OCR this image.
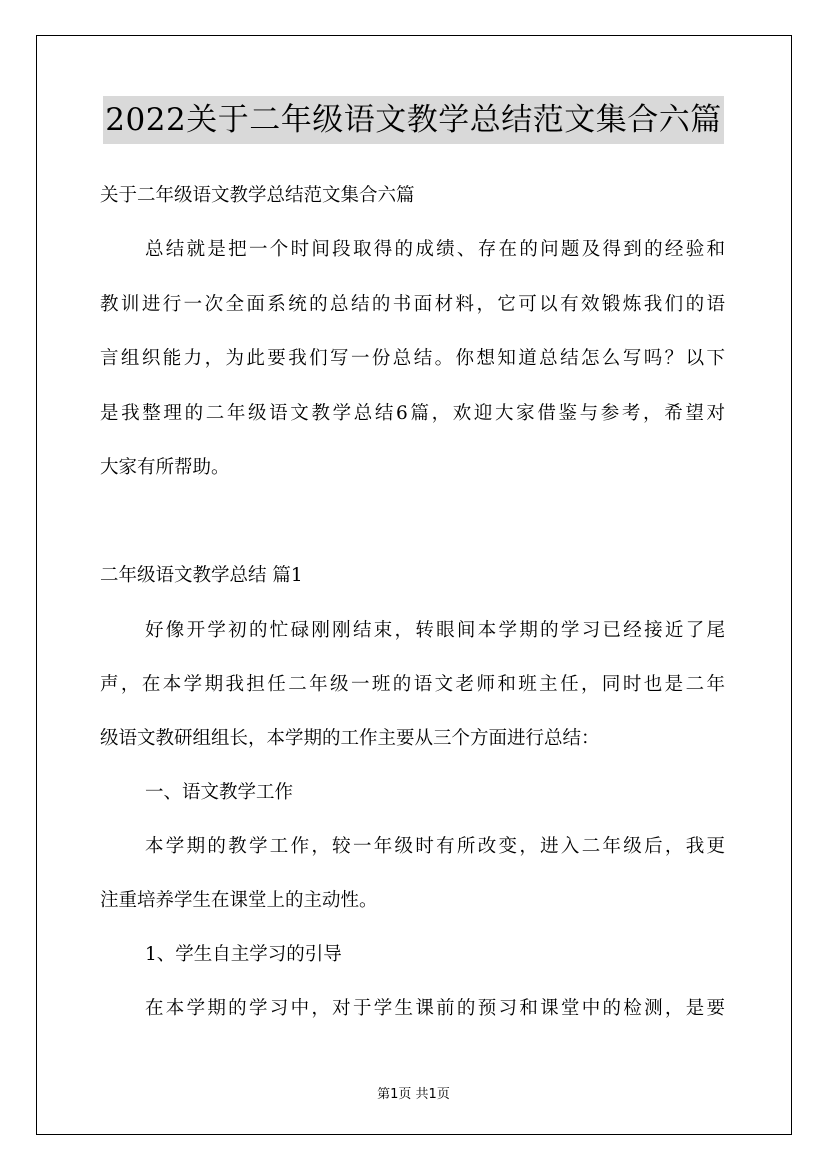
2022关于二年级语文教学总结范文集合六篇
关于二年级语文教学总结范文集合六篇
总结就是把一个时间段取得的成绩、存在的问题及得到的经验和
教训进行一次全面系统的总结的书面材料，它可以有效锻炼我们的语
言组织能力，为此要我们写一份总结。你想知道总结怎么写吗？以下
是我整理的二年级语文教学总结6篇，欢迎大家借鉴与参考，希望对
大家有所帮助。
二年级语文教学总结 篇1
好像开学初的忙碌刚刚结束，转眼间本学期的学习已经接近了尾
声，在本学期我担任二年级一班的语文老师和班主任，同时也是二年
级语文教研组组长，本学期的工作主要从三个方面进行总结：
一、语文教学工作
本学期的教学工作，较一年级时有所改变，进入二年级后，我更
注重培养学生在课堂上的主动性。
1、学生自主学习的引导
在本学期的学习中，对于学生课前的预习和课堂中的检测，是要
第1页 共1页
